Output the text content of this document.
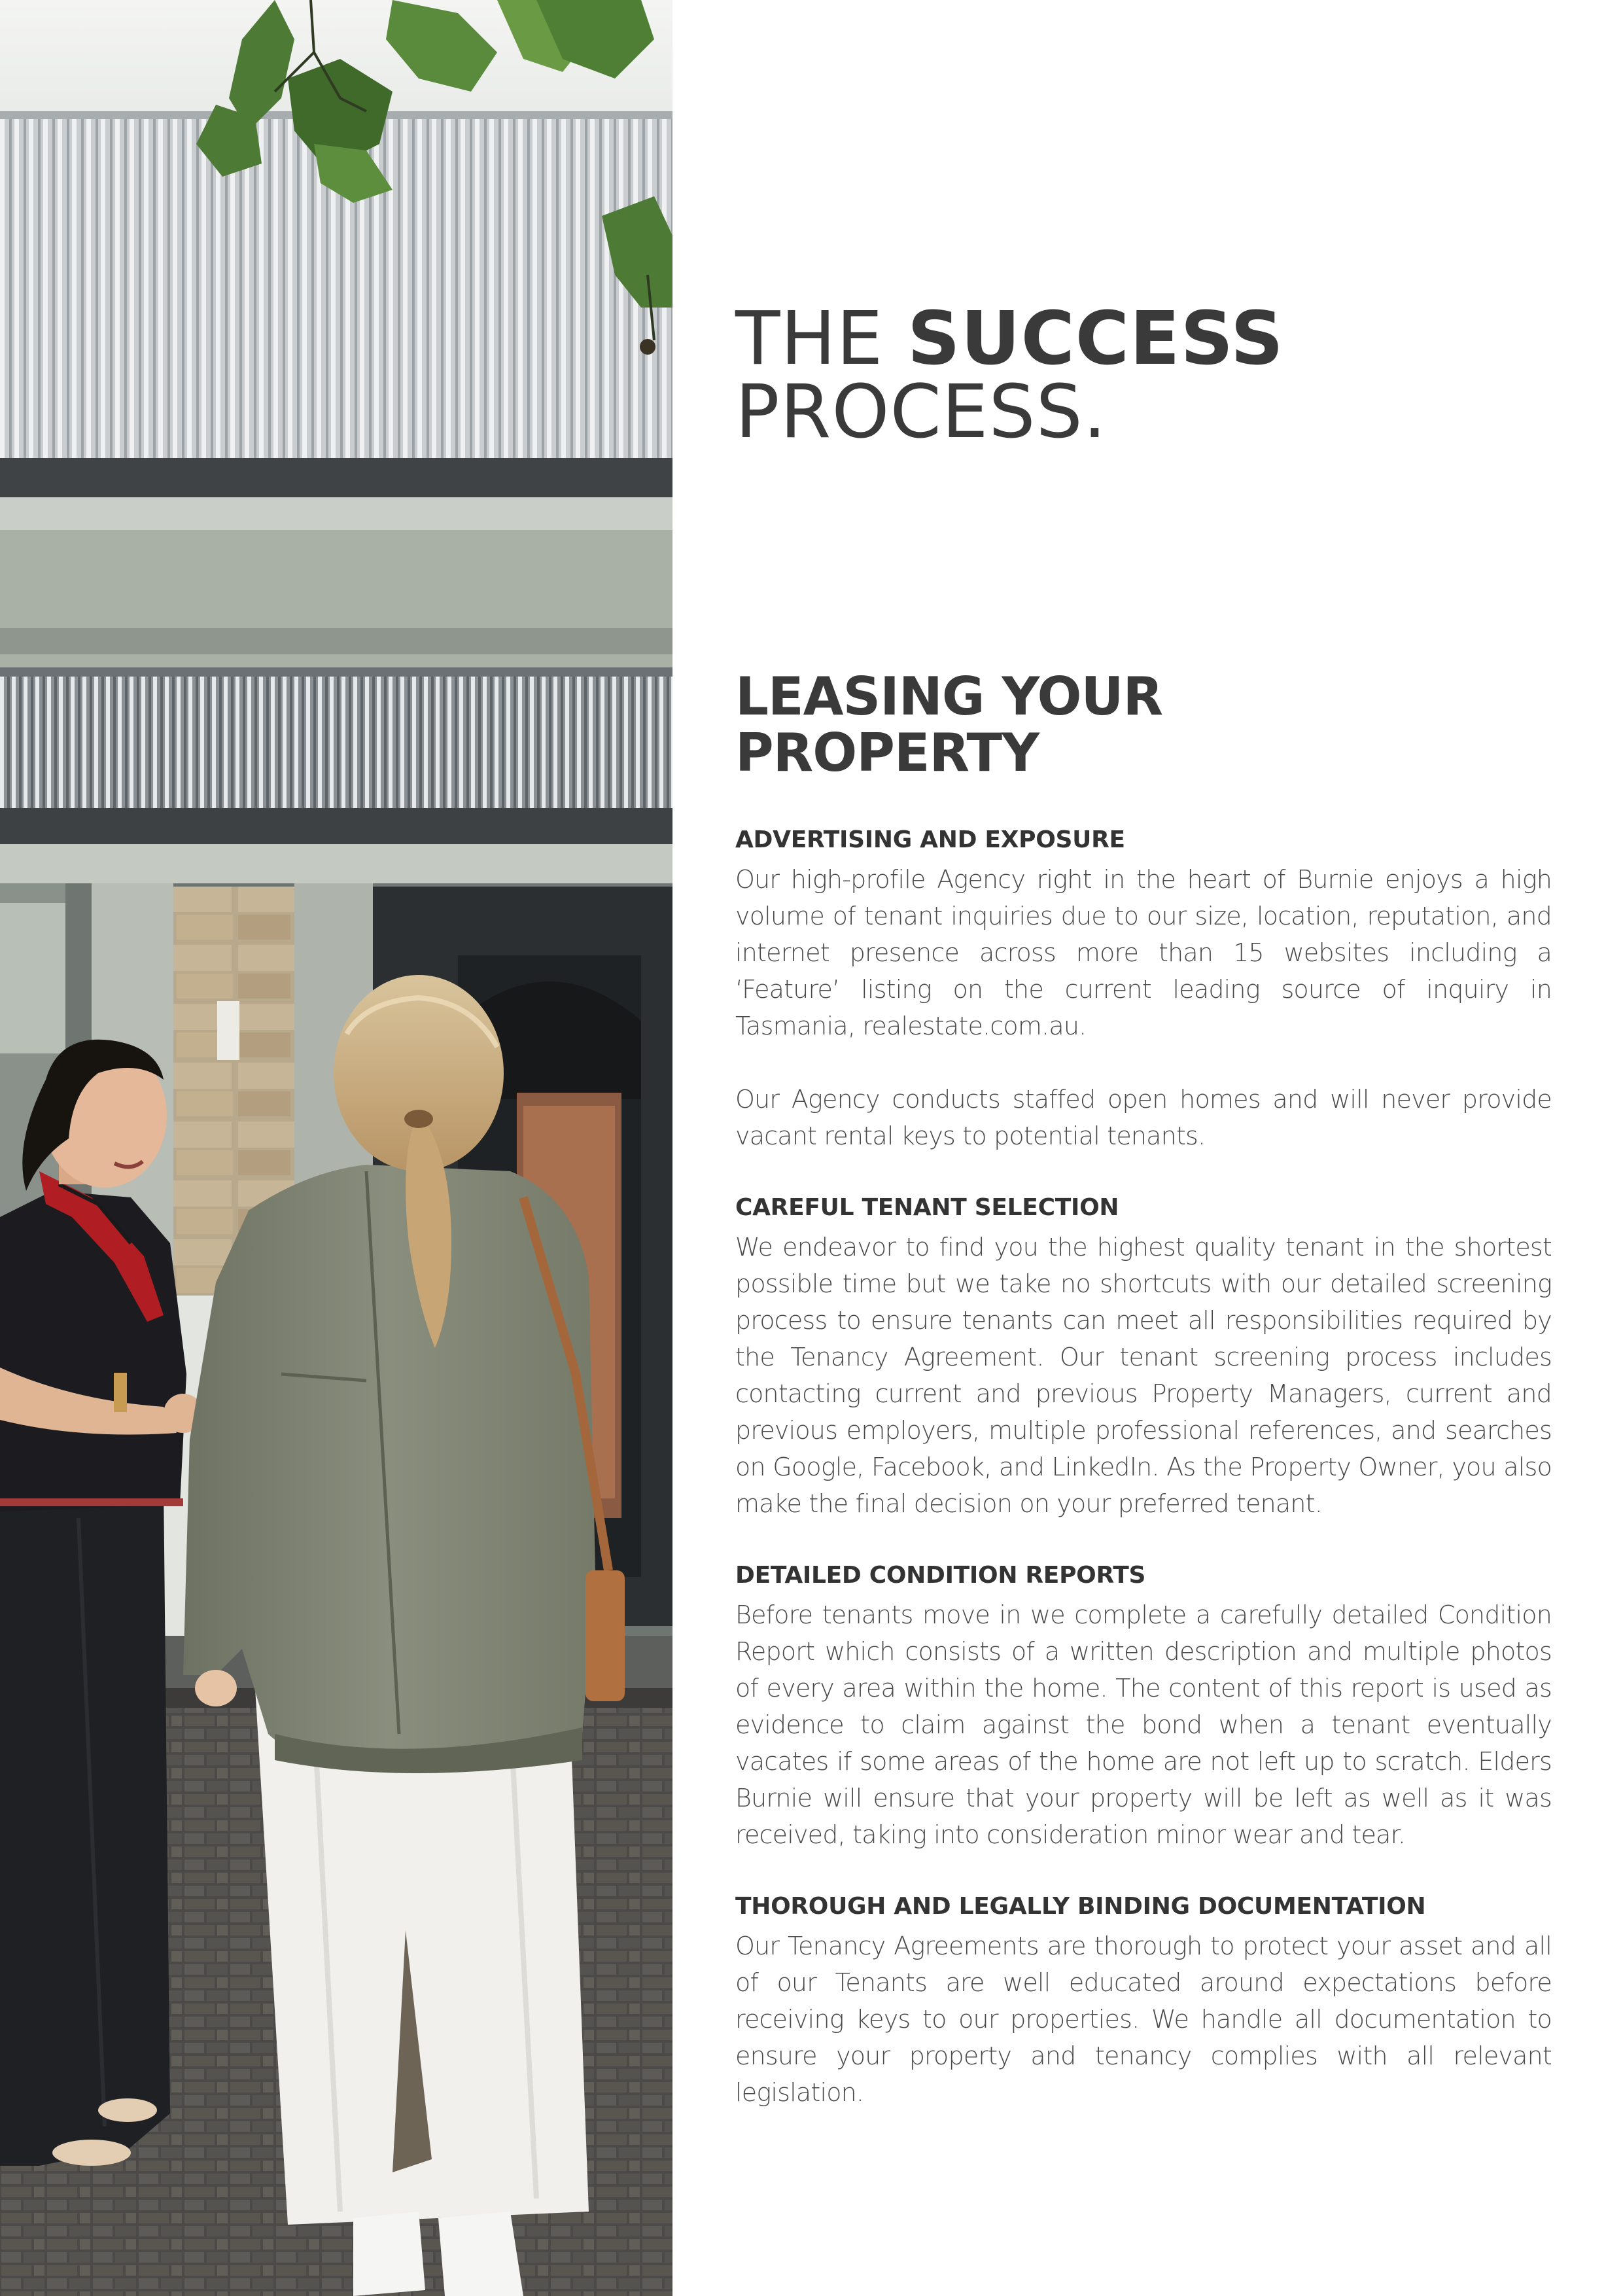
THE SUCCESS
PROCESS.
LEASING YOUR
PROPERTY
ADVERTISING AND EXPOSURE

Our high-profile Agency right in the heart of Burnie enjoys a high volume of tenant inquiries due to our size, location, reputation, and internet presence across more than 15 websites including a ‘Feature’ listing on the current leading source of inquiry in Tasmania, realestate.com.au.

Our Agency conducts staffed open homes and will never provide vacant rental keys to potential tenants.

CAREFUL TENANT SELECTION

We endeavor to find you the highest quality tenant in the shortest possible time but we take no shortcuts with our detailed screening process to ensure tenants can meet all responsibilities required by the Tenancy Agreement. Our tenant screening process includes contacting current and previous Property Managers, current and previous employers, multiple professional references, and searches on Google, Facebook, and LinkedIn. As the Property Owner, you also make the final decision on your preferred tenant.

DETAILED CONDITION REPORTS

Before tenants move in we complete a carefully detailed Condition Report which consists of a written description and multiple photos of every area within the home. The content of this report is used as evidence to claim against the bond when a tenant eventually vacates if some areas of the home are not left up to scratch. Elders Burnie will ensure that your property will be left as well as it was received, taking into consideration minor wear and tear.

THOROUGH AND LEGALLY BINDING DOCUMENTATION

Our Tenancy Agreements are thorough to protect your asset and all of our Tenants are well educated around expectations before receiving keys to our properties. We handle all documentation to ensure your property and tenancy complies with all relevant legislation.
